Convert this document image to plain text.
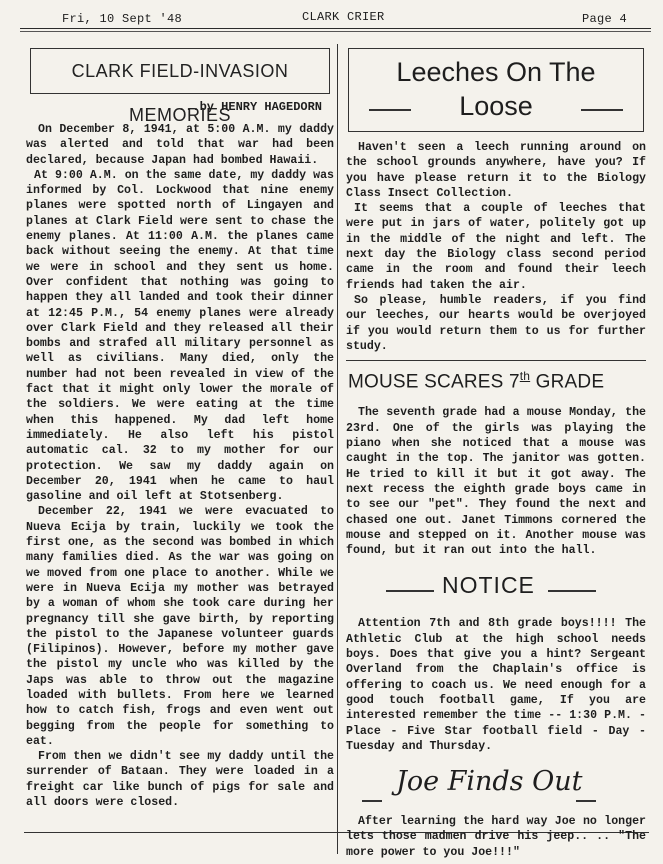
Fri, 10 Sept '48	CLARK CRIER	Page 4
CLARK FIELD-INVASION MEMORIES
...by HENRY HAGEDORN

On December 8, 1941, at 5:00 A.M. my daddy was alerted and told that war had been declared, because Japan had bombed Hawaii.

At 9:00 A.M. on the same date, my daddy was informed by Col. Lockwood that nine enemy planes were spotted north of Lingayen and planes at Clark Field were sent to chase the enemy planes. At 11:00 A.M. the planes came back without seeing the enemy. At that time we were in school and they sent us home. Over confident that nothing was going to happen they all landed and took their dinner at 12:45 P.M., 54 enemy planes were already over Clark Field and they released all their bombs and strafed all military personnel as well as civilians. Many died, only the number had not been revealed in view of the fact that it might only lower the morale of the soldiers. We were eating at the time when this happened. My dad left home immediately. He also left his pistol automatic cal. 32 to my mother for our protection. We saw my daddy again on December 20, 1941 when he came to haul gasoline and oil left at Stotsenberg.

December 22, 1941 we were evacuated to Nueva Ecija by train, luckily we took the first one, as the second was bombed in which many families died. As the war was going on we moved from one place to another. While we were in Nueva Ecija my mother was betrayed by a woman of whom she took care during her pregnancy till she gave birth, by reporting the pistol to the Japanese volunteer guards (Filipinos). However, before my mother gave the pistol my uncle who was killed by the Japs was able to throw out the magazine loaded with bullets. From here we learned how to catch fish, frogs and even went out begging from the people for something to eat.

From then we didn't see my daddy until the surrender of Bataan. They were loaded in a freight car like bunch of pigs for sale and all doors were closed.

Leeches On The
Loose

Haven't seen a leech running around on the school grounds anywhere, have you? If you have please return it to the Biology Class Insect Collection.

It seems that a couple of leeches that were put in jars of water, politely got up in the middle of the night and left. The next day the Biology class second period came in the room and found their leech friends had taken the air.

So please, humble readers, if you find our leeches, our hearts would be overjoyed if you would return them to us for further study.

MOUSE SCARES 7th GRADE

The seventh grade had a mouse Monday, the 23rd. One of the girls was playing the piano when she noticed that a mouse was caught in the top. The janitor was gotten. He tried to kill it but it got away. The next recess the eighth grade boys came in to see our "pet". They found the next and chased one out. Janet Timmons cornered the mouse and stepped on it. Another mouse was found, but it ran out into the hall.

NOTICE

Attention 7th and 8th grade boys!!!! The Athletic Club at the high school needs boys. Does that give you a hint? Sergeant Overland from the Chaplain's office is offering to coach us. We need enough for a good touch football game, If you are interested remember the time -- 1:30 P.M. - Place - Five Star football field - Day - Tuesday and Thursday.

Joe Finds Out

After learning the hard way Joe no longer lets those madmen drive his jeep.. .. "The more power to you Joe!!!"
